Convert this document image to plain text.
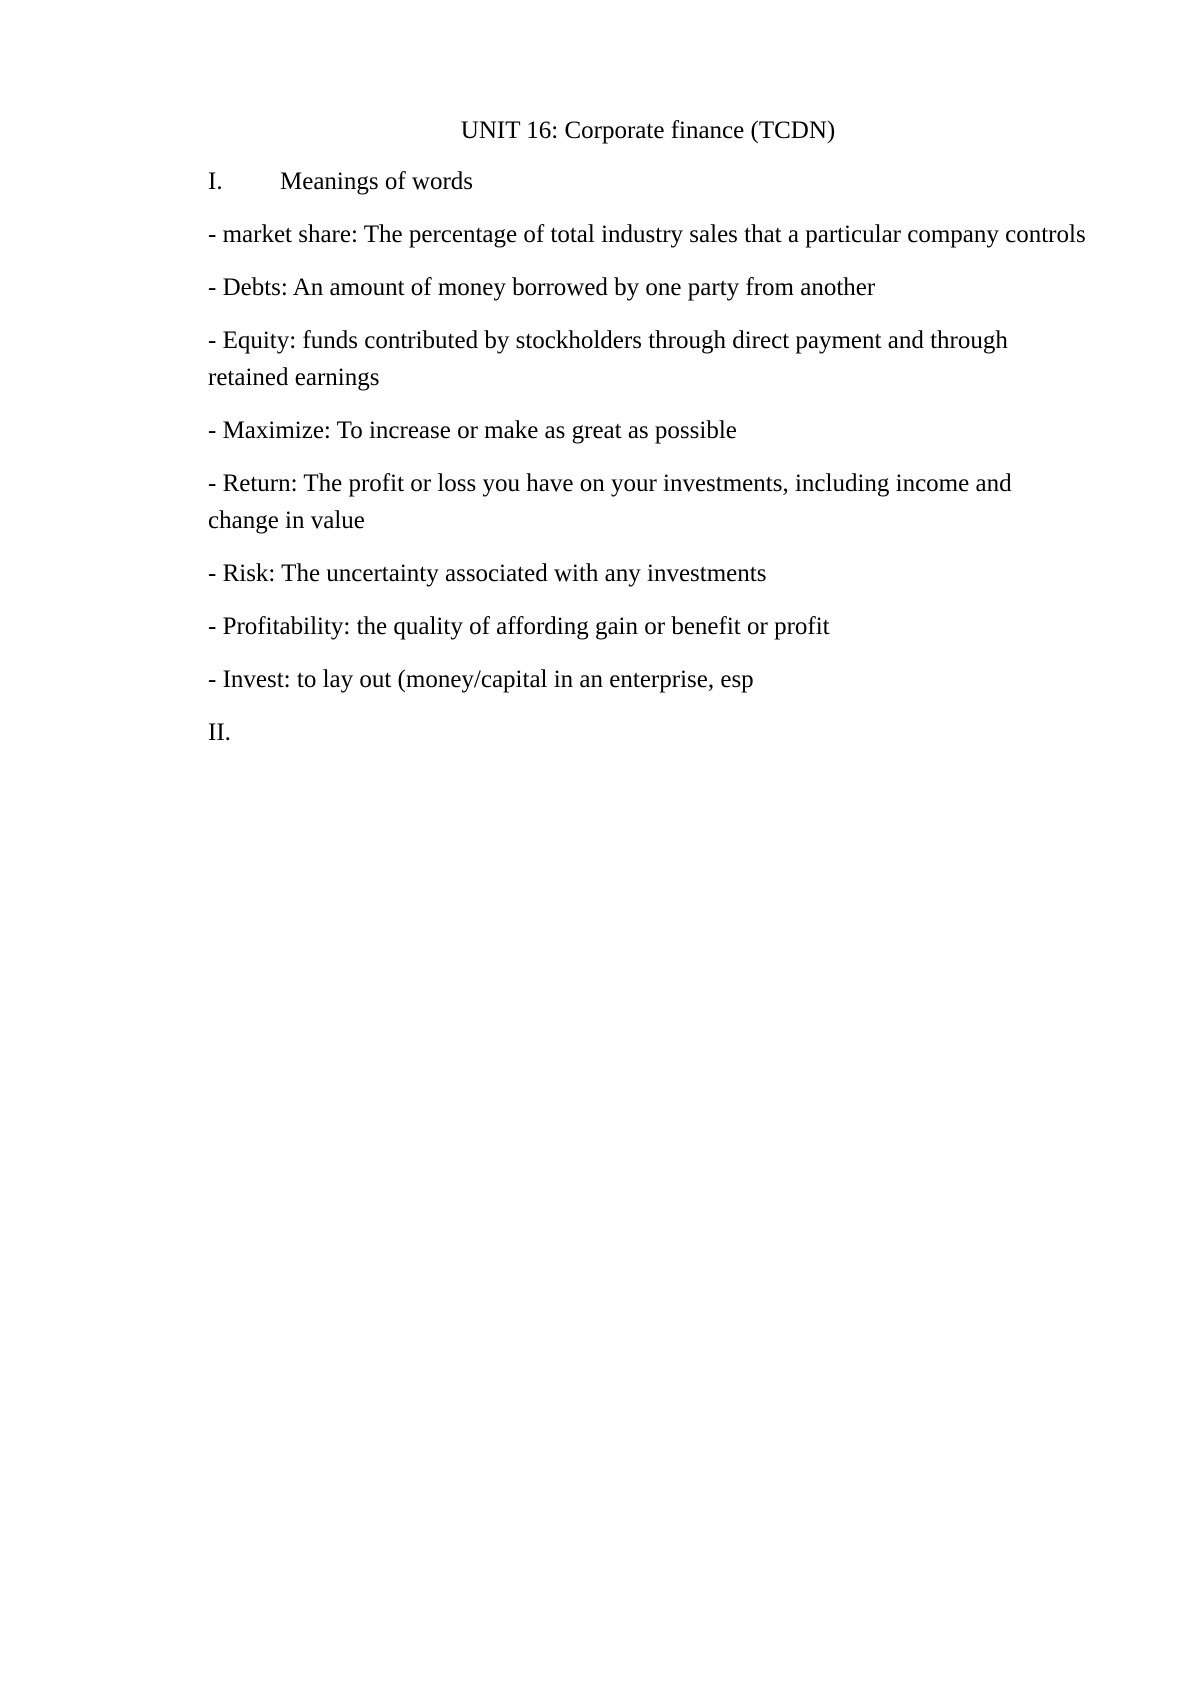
UNIT 16: Corporate finance (TCDN)

I. Meanings of words

- market share: The percentage of total industry sales that a particular company controls

- Debts: An amount of money borrowed by one party from another

- Equity: funds contributed by stockholders through direct payment and through retained earnings

- Maximize: To increase or make as great as possible

- Return: The profit or loss you have on your investments, including income and change in value

- Risk: The uncertainty associated with any investments

- Profitability: the quality of affording gain or benefit or profit

- Invest: to lay out (money/capital in an enterprise, esp

II.
